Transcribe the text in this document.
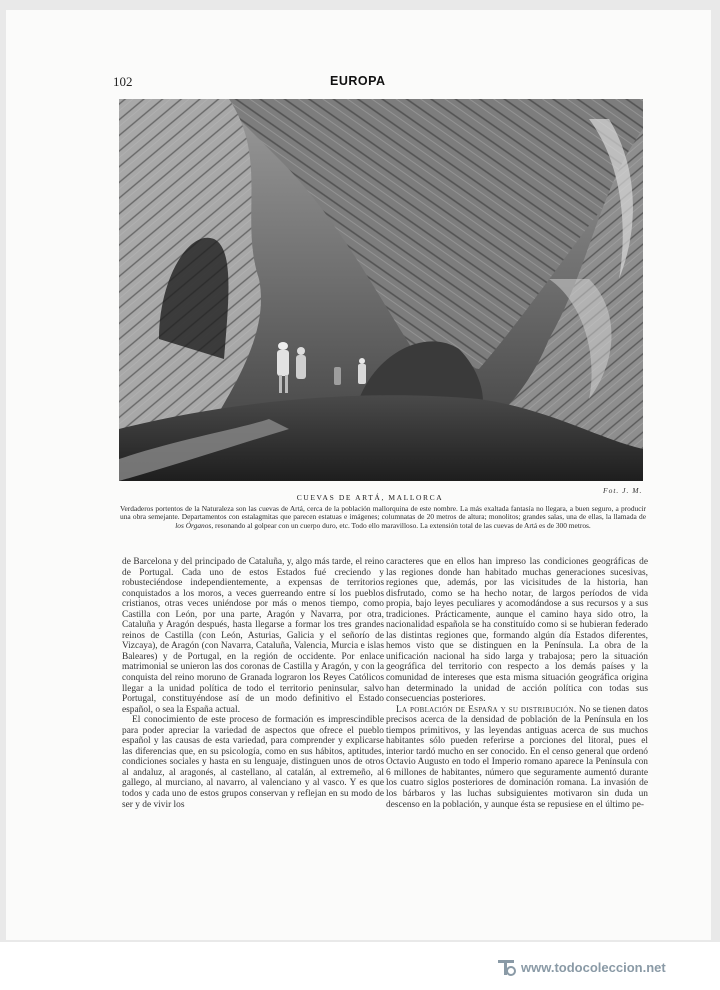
102	EUROPA
Fot. J. M.
CUEVAS DE ARTÁ, MALLORCA
Verdaderos portentos de la Naturaleza son las cuevas de Artá, cerca de la población mallorquina de este nombre. La más exaltada fantasía no llegara, a buen seguro, a producir una obra semejante. Departamentos con estalagmitas que parecen estatuas e imágenes; columnatas de 20 metros de altura; monolitos; grandes salas, una de ellas, la llamada de los Órganos, resonando al golpear con un cuerpo duro, etc. Todo ello maravilloso. La extensión total de las cuevas de Artá es de 300 metros.

de Barcelona y del principado de Cataluña, y, algo más tarde, el reino de Portugal. Cada uno de estos Estados fué creciendo y robusteciéndose independientemente, a expensas de territorios conquistados a los moros, a veces guerreando entre sí los pueblos cristianos, otras veces uniéndose por más o menos tiempo, como Castilla con León, por una parte, Aragón y Navarra, por otra, Cataluña y Aragón después, hasta llegarse a formar los tres grandes reinos de Castilla (con León, Asturias, Galicia y el señorío de Vizcaya), de Aragón (con Navarra, Cataluña, Valencia, Murcia e islas Baleares) y de Portugal, en la región de occidente. Por enlace matrimonial se unieron las dos coronas de Castilla y Aragón, y con la conquista del reino moruno de Granada lograron los Reyes Católicos llegar a la unidad política de todo el territorio peninsular, salvo Portugal, constituyéndose así de un modo definitivo el Estado español, o sea la España actual.

El conocimiento de este proceso de formación es imprescindible para poder apreciar la variedad de aspectos que ofrece el pueblo español y las causas de esta variedad, para comprender y explicarse las diferencias que, en su psicología, como en sus hábitos, aptitudes, condiciones sociales y hasta en su lenguaje, distinguen unos de otros al andaluz, al aragonés, al castellano, al catalán, al extremeño, al gallego, al murciano, al navarro, al valenciano y al vasco. Y es que todos y cada uno de estos grupos conservan y reflejan en su modo de ser y de vivir los

caracteres que en ellos han impreso las condiciones geográficas de las regiones donde han habitado muchas generaciones sucesivas, regiones que, además, por las vicisitudes de la historia, han disfrutado, como se ha hecho notar, de largos períodos de vida propia, bajo leyes peculiares y acomodándose a sus recursos y a sus tradiciones. Prácticamente, aunque el camino haya sido otro, la nacionalidad española se ha constituído como si se hubieran federado las distintas regiones que, formando algún día Estados diferentes, hemos visto que se distinguen en la Península. La obra de la unificación nacional ha sido larga y trabajosa; pero la situación geográfica del territorio con respecto a los demás países y la comunidad de intereses que esta misma situación geográfica origina han determinado la unidad de acción política con todas sus consecuencias posteriores.

La población de España y su distribución. No se tienen datos precisos acerca de la densidad de población de la Península en los tiempos primitivos, y las leyendas antiguas acerca de sus muchos habitantes sólo pueden referirse a porciones del litoral, pues el interior tardó mucho en ser conocido. En el censo general que ordenó Octavio Augusto en todo el Imperio romano aparece la Península con 6 millones de habitantes, número que seguramente aumentó durante los cuatro siglos posteriores de dominación romana. La invasión de los bárbaros y las luchas subsiguientes motivaron sin duda un descenso en la población, y aunque ésta se repusiese en el último pe-

www.todocoleccion.net
